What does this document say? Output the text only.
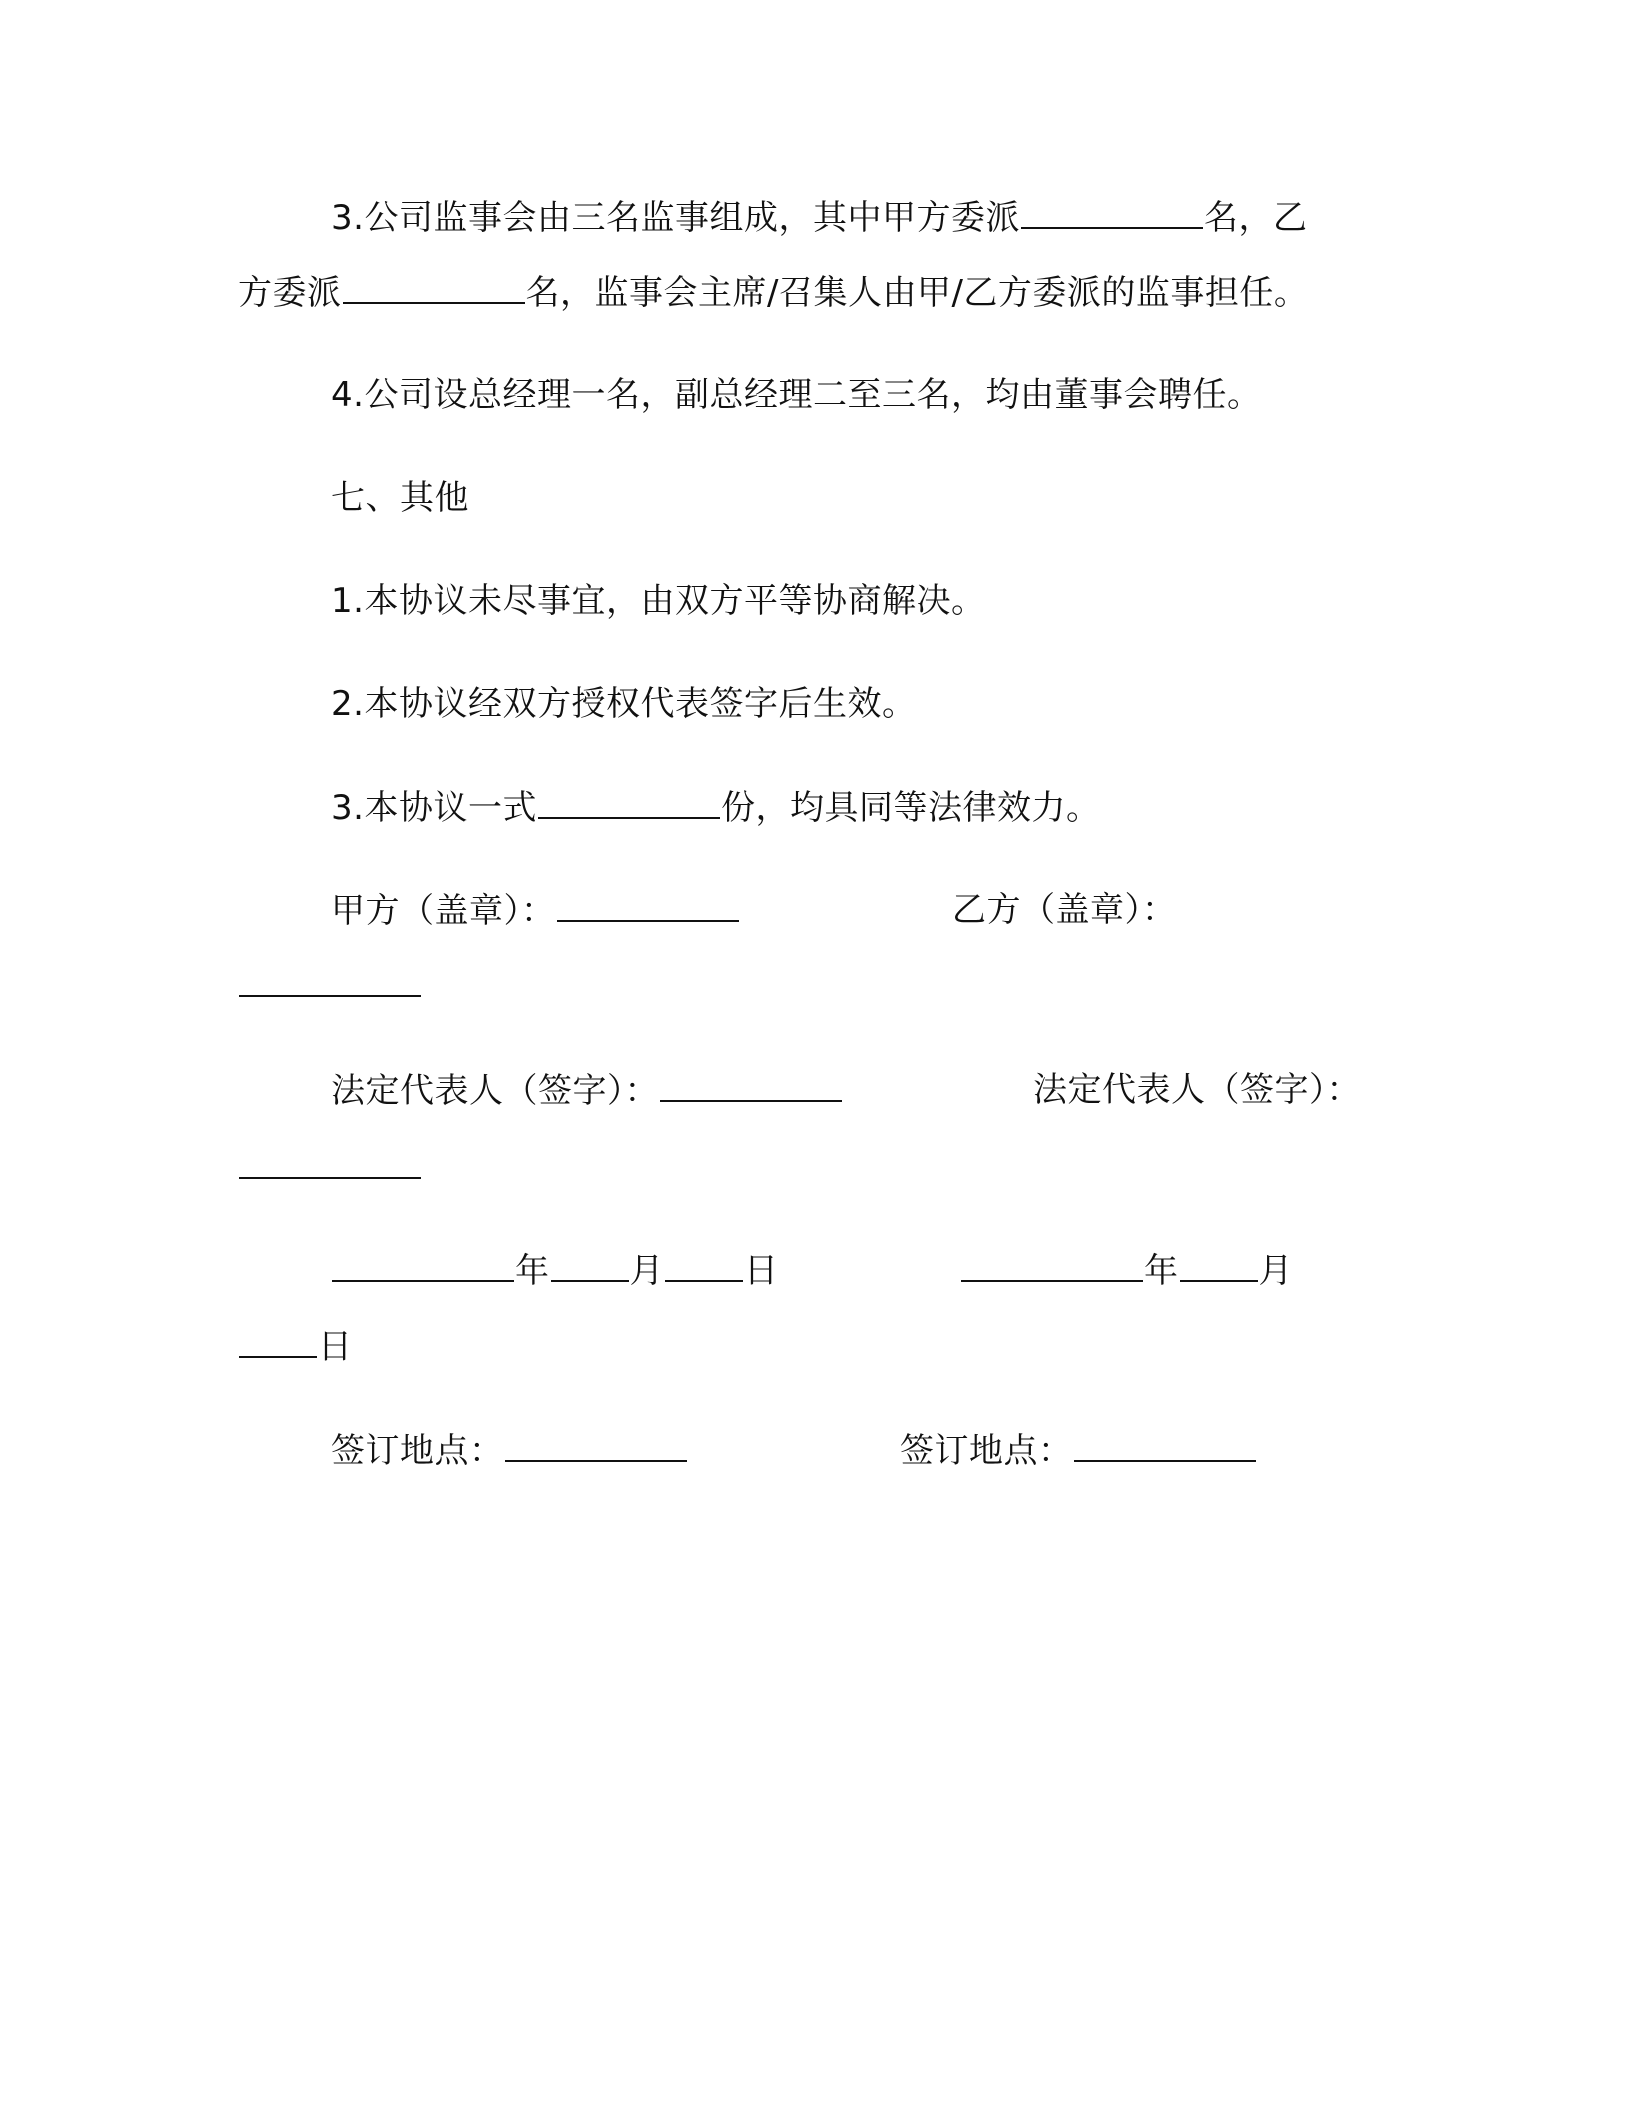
3.公司监事会由三名监事组成，其中甲方委派	名，乙
方委派	名，监事会主席/召集人由甲/乙方委派的监事担任。
4.公司设总经理一名，副总经理二至三名，均由董事会聘任。
七、其他
1.本协议未尽事宜，由双方平等协商解决。
2.本协议经双方授权代表签字后生效。
3.本协议一式	份，均具同等法律效力。
甲方（盖章）：	乙方（盖章）：
法定代表人（签字）：	法定代表人（签字）：
年 月 日	年 月
日
签订地点：	签订地点：
